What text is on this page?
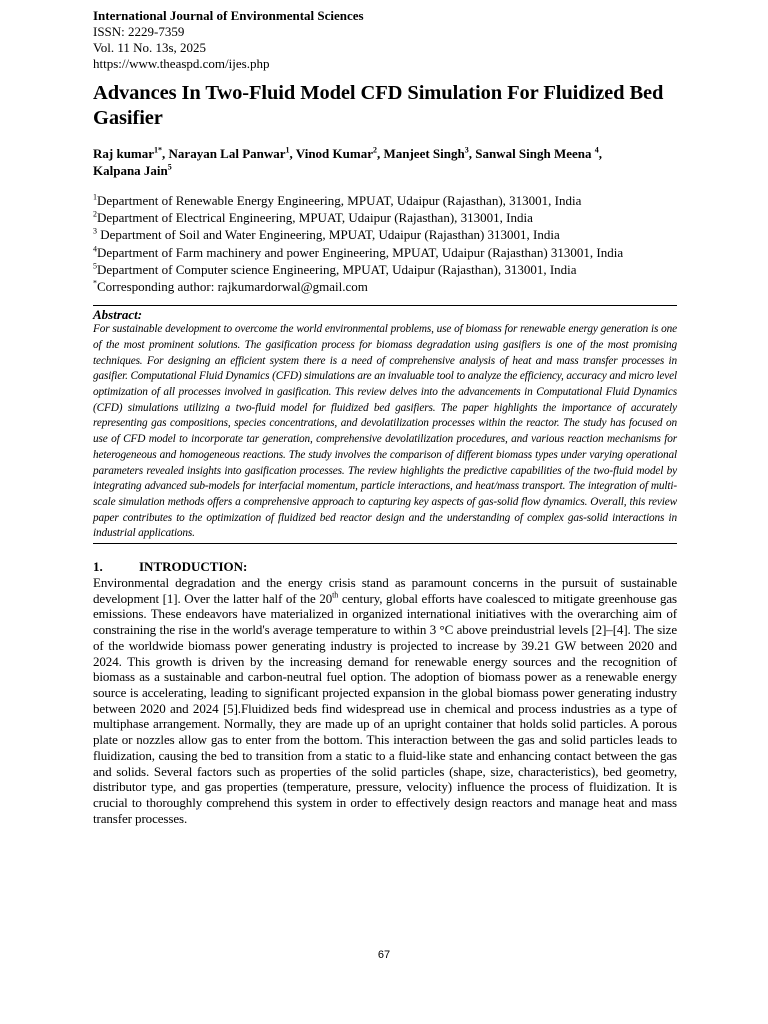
International Journal of Environmental Sciences
ISSN: 2229-7359
Vol. 11 No. 13s, 2025
https://www.theaspd.com/ijes.php
Advances In Two-Fluid Model CFD Simulation For Fluidized Bed Gasifier
Raj kumar$^{1*}$, Narayan Lal Panwar$^1$, Vinod Kumar$^2$, Manjeet Singh$^3$, Sanwal Singh Meena $^4$,
Kalpana Jain$^5$
$^1$Department of Renewable Energy Engineering, MPUAT, Udaipur (Rajasthan), 313001, India
$^2$Department of Electrical Engineering, MPUAT, Udaipur (Rajasthan), 313001, India
$^3$ Department of Soil and Water Engineering, MPUAT, Udaipur (Rajasthan) 313001, India
$^4$Department of Farm machinery and power Engineering, MPUAT, Udaipur (Rajasthan) 313001, India
$^5$Department of Computer science Engineering, MPUAT, Udaipur (Rajasthan), 313001, India
*Corresponding author: rajkumardorwal@gmail.com
Abstract:
For sustainable development to overcome the world environmental problems, use of biomass for renewable energy generation is one of the most prominent solutions. The gasification process for biomass degradation using gasifiers is one of the most promising techniques. For designing an efficient system there is a need of comprehensive analysis of heat and mass transfer processes in gasifier. Computational Fluid Dynamics (CFD) simulations are an invaluable tool to analyze the efficiency, accuracy and micro level optimization of all processes involved in gasification. This review delves into the advancements in Computational Fluid Dynamics (CFD) simulations utilizing a two-fluid model for fluidized bed gasifiers. The paper highlights the importance of accurately representing gas compositions, species concentrations, and devolatilization processes within the reactor. The study has focused on use of CFD model to incorporate tar generation, comprehensive devolatilization procedures, and various reaction mechanisms for heterogeneous and homogeneous reactions. The study involves the comparison of different biomass types under varying operational parameters revealed insights into gasification processes. The review highlights the predictive capabilities of the two-fluid model by integrating advanced sub-models for interfacial momentum, particle interactions, and heat/mass transport. The integration of multi-scale simulation methods offers a comprehensive approach to capturing key aspects of gas-solid flow dynamics. Overall, this review paper contributes to the optimization of fluidized bed reactor design and the understanding of complex gas-solid interactions in industrial applications.
1.	INTRODUCTION:
Environmental degradation and the energy crisis stand as paramount concerns in the pursuit of sustainable development [1]. Over the latter half of the 20th century, global efforts have coalesced to mitigate greenhouse gas emissions. These endeavors have materialized in organized international initiatives with the overarching aim of constraining the rise in the world's average temperature to within 3 °C above preindustrial levels [2]–[4]. The size of the worldwide biomass power generating industry is projected to increase by 39.21 GW between 2020 and 2024. This growth is driven by the increasing demand for renewable energy sources and the recognition of biomass as a sustainable and carbon-neutral fuel option. The adoption of biomass power as a renewable energy source is accelerating, leading to significant projected expansion in the global biomass power generating industry between 2020 and 2024 [5].Fluidized beds find widespread use in chemical and process industries as a type of multiphase arrangement. Normally, they are made up of an upright container that holds solid particles. A porous plate or nozzles allow gas to enter from the bottom. This interaction between the gas and solid particles leads to fluidization, causing the bed to transition from a static to a fluid-like state and enhancing contact between the gas and solids. Several factors such as properties of the solid particles (shape, size, characteristics), bed geometry, distributor type, and gas properties (temperature, pressure, velocity) influence the process of fluidization. It is crucial to thoroughly comprehend this system in order to effectively design reactors and manage heat and mass transfer processes.
67
